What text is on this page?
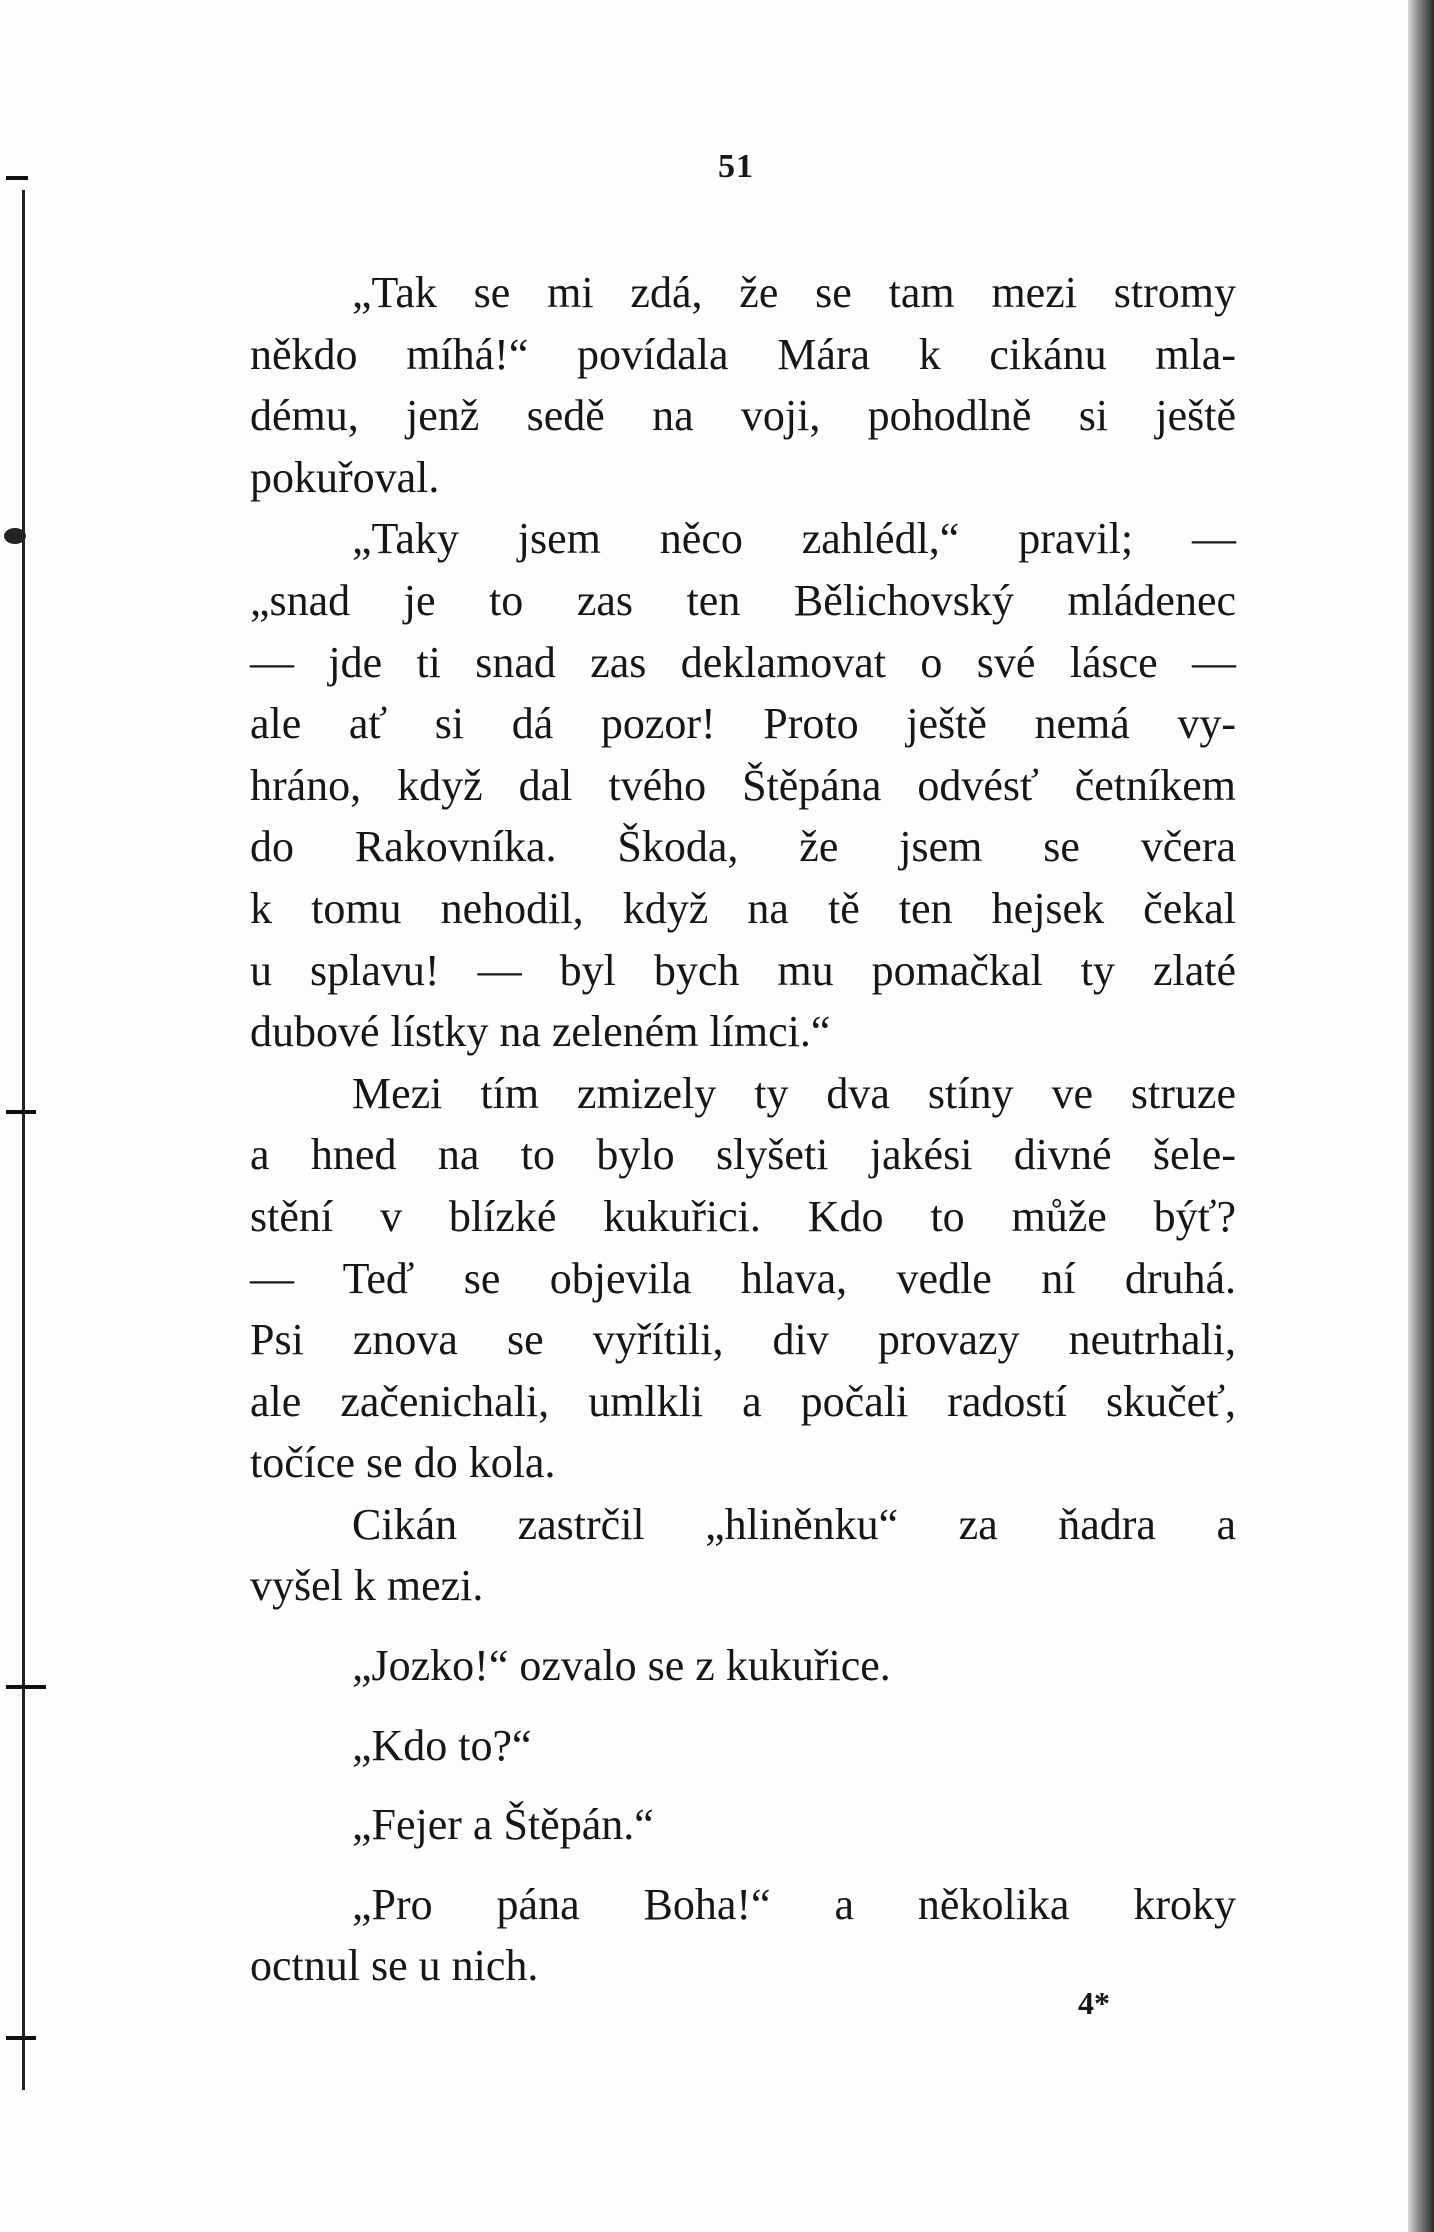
51
„Tak se mi zdá, že se tam mezi stromy
někdo míhá!“ povídala Mára k cikánu mla-
dému, jenž sedě na voji, pohodlně si ještě
pokuřoval.
„Taky jsem něco zahlédl,“ pravil; —
„snad je to zas ten Bělichovský mládenec
— jde ti snad zas deklamovat o své lásce —
ale ať si dá pozor! Proto ještě nemá vy-
hráno, když dal tvého Štěpána odvésť četníkem
do Rakovníka. Škoda, že jsem se včera
k tomu nehodil, když na tě ten hejsek čekal
u splavu! — byl bych mu pomačkal ty zlaté
dubové lístky na zeleném límci.“
Mezi tím zmizely ty dva stíny ve struze
a hned na to bylo slyšeti jakési divné šele-
stění v blízké kukuřici. Kdo to může býť?
— Teď se objevila hlava, vedle ní druhá.
Psi znova se vyřítili, div provazy neutrhali,
ale začenichali, umlkli a počali radostí skučeť,
točíce se do kola.
Cikán zastrčil „hliněnku“ za ňadra a
vyšel k mezi.
„Jozko!“ ozvalo se z kukuřice.
„Kdo to?“
„Fejer a Štěpán.“
„Pro pána Boha!“ a několika kroky
octnul se u nich.
4*
